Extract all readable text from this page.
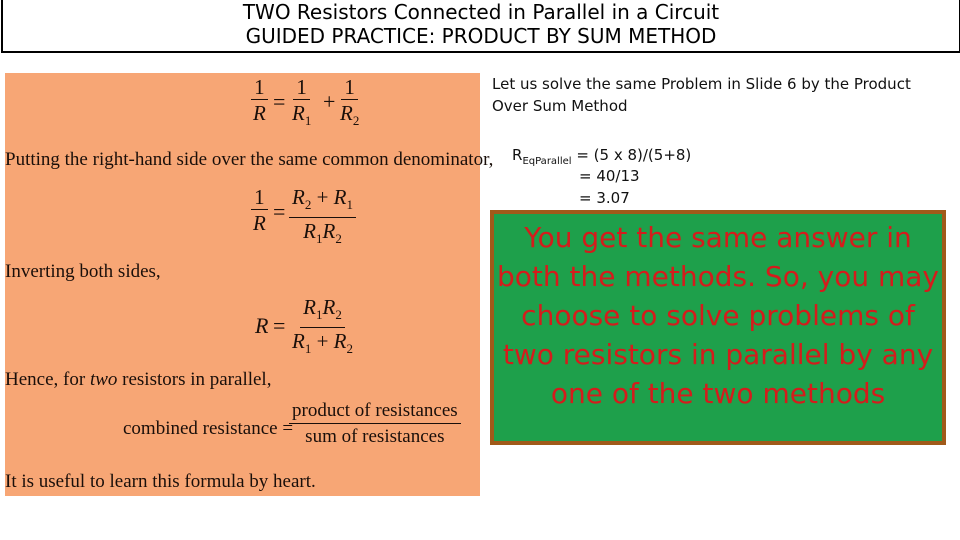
TWO Resistors Connected in Parallel in a Circuit
GUIDED PRACTICE: PRODUCT BY SUM METHOD
$\frac{1}{R} = \frac{1}{R_1} + \frac{1}{R_2}$
Putting the right-hand side over the same common denominator,
$\frac{1}{R} = \frac{R_2 + R_1}{R_1R_2}$
Inverting both sides,
$R = \frac{R_1R_2}{R_1 + R_2}$
Hence, for two resistors in parallel,
combined resistance =
product of resistances
sum of resistances
It is useful to learn this formula by heart.
Let us solve the same Problem in Slide 6 by the Product Over Sum Method
$R_{EqParallel} = (5$ x 8)/(5+8)
= 40/13
= 3.07
You get the same answer in both the methods. So, you may choose to solve problems of two resistors in parallel by any one of the two methods
